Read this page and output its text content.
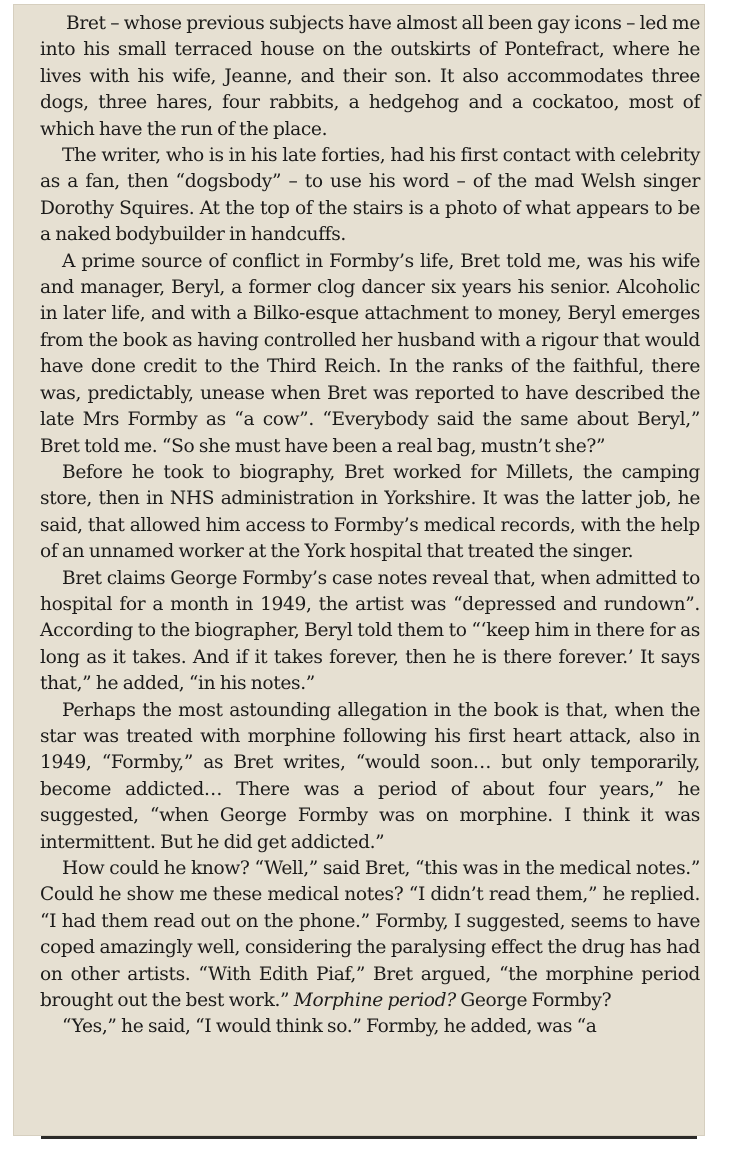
Bret – whose previous subjects have almost all been gay icons – led me into his small terraced house on the outskirts of Pontefract, where he lives with his wife, Jeanne, and their son. It also accommodates three dogs, three hares, four rabbits, a hedgehog and a cockatoo, most of which have the run of the place.

The writer, who is in his late forties, had his first contact with celebrity as a fan, then “dogsbody” – to use his word – of the mad Welsh singer Dorothy Squires. At the top of the stairs is a photo of what appears to be a naked bodybuilder in handcuffs.

A prime source of conflict in Formby’s life, Bret told me, was his wife and manager, Beryl, a former clog dancer six years his senior. Alcoholic in later life, and with a Bilko-esque attachment to money, Beryl emerges from the book as having controlled her husband with a rigour that would have done credit to the Third Reich. In the ranks of the faithful, there was, predictably, unease when Bret was reported to have described the late Mrs Formby as “a cow”. “Everybody said the same about Beryl,” Bret told me. “So she must have been a real bag, mustn’t she?”

Before he took to biography, Bret worked for Millets, the camping store, then in NHS administration in Yorkshire. It was the latter job, he said, that allowed him access to Formby’s medical records, with the help of an unnamed worker at the York hospital that treated the singer.

Bret claims George Formby’s case notes reveal that, when admitted to hospital for a month in 1949, the artist was “depressed and rundown”. According to the biographer, Beryl told them to “‘keep him in there for as long as it takes. And if it takes forever, then he is there forever.’ It says that,” he added, “in his notes.”

Perhaps the most astounding allegation in the book is that, when the star was treated with morphine following his first heart attack, also in 1949, “Formby,” as Bret writes, “would soon… but only temporarily, become addicted… There was a period of about four years,” he suggested, “when George Formby was on morphine. I think it was intermittent. But he did get addicted.”

How could he know? “Well,” said Bret, “this was in the medical notes.” Could he show me these medical notes? “I didn’t read them,” he replied. “I had them read out on the phone.” Formby, I suggested, seems to have coped amazingly well, considering the paralysing effect the drug has had on other artists. “With Edith Piaf,” Bret argued, “the morphine period brought out the best work.” Morphine period? George Formby?

“Yes,” he said, “I would think so.” Formby, he added, was “a
